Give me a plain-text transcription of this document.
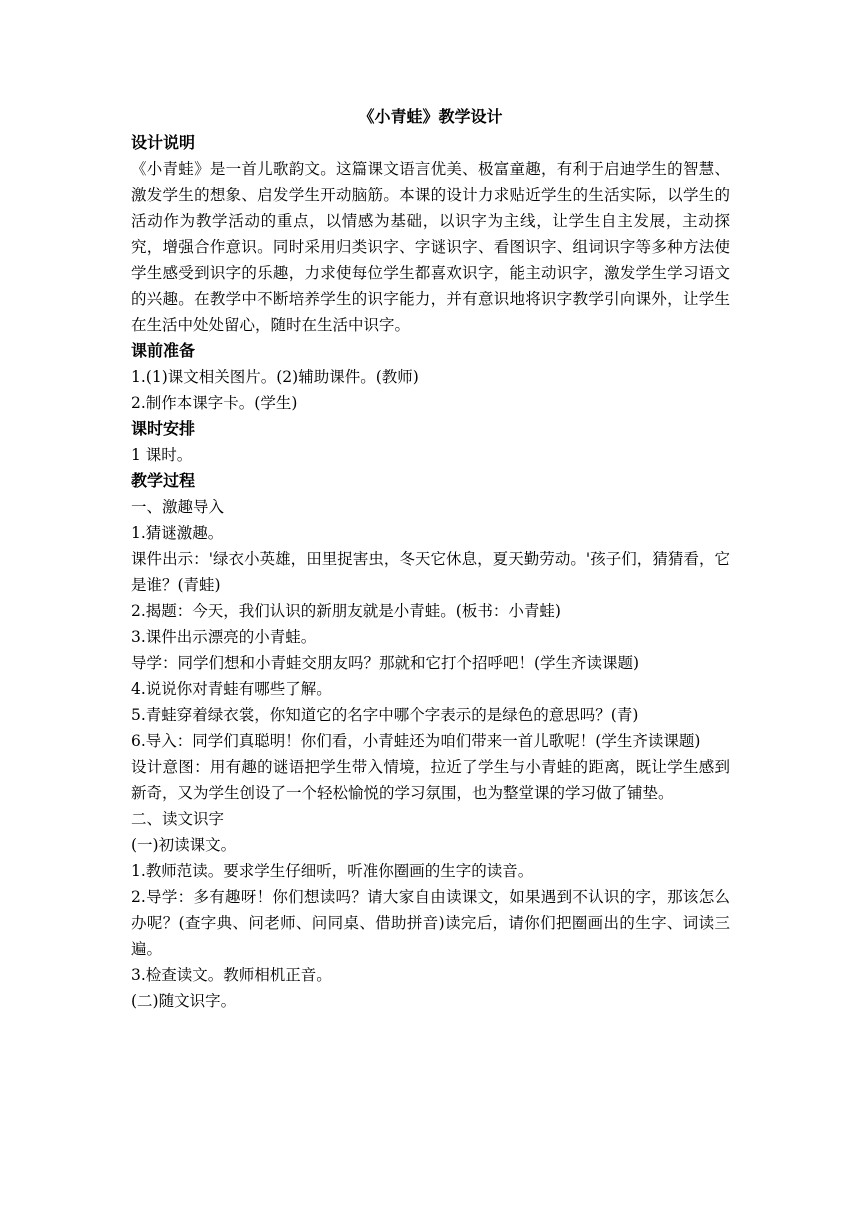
《小青蛙》教学设计

设计说明

《小青蛙》是一首儿歌韵文。这篇课文语言优美、极富童趣，有利于启迪学生的智慧、激发学生的想象、启发学生开动脑筋。本课的设计力求贴近学生的生活实际，以学生的活动作为教学活动的重点，以情感为基础，以识字为主线，让学生自主发展，主动探究，增强合作意识。同时采用归类识字、字谜识字、看图识字、组词识字等多种方法使学生感受到识字的乐趣，力求使每位学生都喜欢识字，能主动识字，激发学生学习语文的兴趣。在教学中不断培养学生的识字能力，并有意识地将识字教学引向课外，让学生在生活中处处留心，随时在生活中识字。

课前准备

1.(1)课文相关图片。(2)辅助课件。(教师)

2.制作本课字卡。(学生)

课时安排

1 课时。

教学过程

一、激趣导入

1.猜谜激趣。

课件出示：'绿衣小英雄，田里捉害虫，冬天它休息，夏天勤劳动。'孩子们，猜猜看，它是谁？(青蛙)

2.揭题：今天，我们认识的新朋友就是小青蛙。(板书：小青蛙)

3.课件出示漂亮的小青蛙。

导学：同学们想和小青蛙交朋友吗？那就和它打个招呼吧！(学生齐读课题)

4.说说你对青蛙有哪些了解。

5.青蛙穿着绿衣裳，你知道它的名字中哪个字表示的是绿色的意思吗？(青)

6.导入：同学们真聪明！你们看，小青蛙还为咱们带来一首儿歌呢！(学生齐读课题)

设计意图：用有趣的谜语把学生带入情境，拉近了学生与小青蛙的距离，既让学生感到新奇，又为学生创设了一个轻松愉悦的学习氛围，也为整堂课的学习做了铺垫。

二、读文识字

(一)初读课文。

1.教师范读。要求学生仔细听，听准你圈画的生字的读音。

2.导学：多有趣呀！你们想读吗？请大家自由读课文，如果遇到不认识的字，那该怎么办呢？(查字典、问老师、问同桌、借助拼音)读完后，请你们把圈画出的生字、词读三遍。

3.检查读文。教师相机正音。

(二)随文识字。
